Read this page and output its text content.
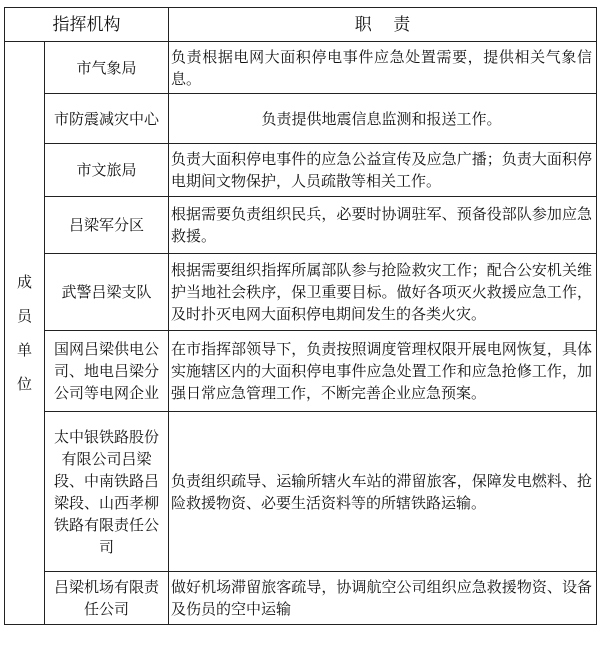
指挥机构		职    责

成
员
单
位	市气象局	负责根据电网大面积停电事件应急处置需要，提供相关气象信息。
	市防震减灾中心	负责提供地震信息监测和报送工作。
	市文旅局	负责大面积停电事件的应急公益宣传及应急广播；负责大面积停电期间文物保护，人员疏散等相关工作。
	吕梁军分区	根据需要负责组织民兵，必要时协调驻军、预备役部队参加应急救援。
	武警吕梁支队	根据需要组织指挥所属部队参与抢险救灾工作；配合公安机关维护当地社会秩序，保卫重要目标。做好各项灭火救援应急工作，及时扑灭电网大面积停电期间发生的各类火灾。
	国网吕梁供电公司、地电吕梁分公司等电网企业	在市指挥部领导下，负责按照调度管理权限开展电网恢复，具体实施辖区内的大面积停电事件应急处置工作和应急抢修工作，加强日常应急管理工作，不断完善企业应急预案。
	太中银铁路股份有限公司吕梁段、中南铁路吕梁段、山西孝柳铁路有限责任公司	负责组织疏导、运输所辖火车站的滞留旅客，保障发电燃料、抢险救援物资、必要生活资料等的所辖铁路运输。
	吕梁机场有限责任公司	做好机场滞留旅客疏导，协调航空公司组织应急救援物资、设备及伤员的空中运输
